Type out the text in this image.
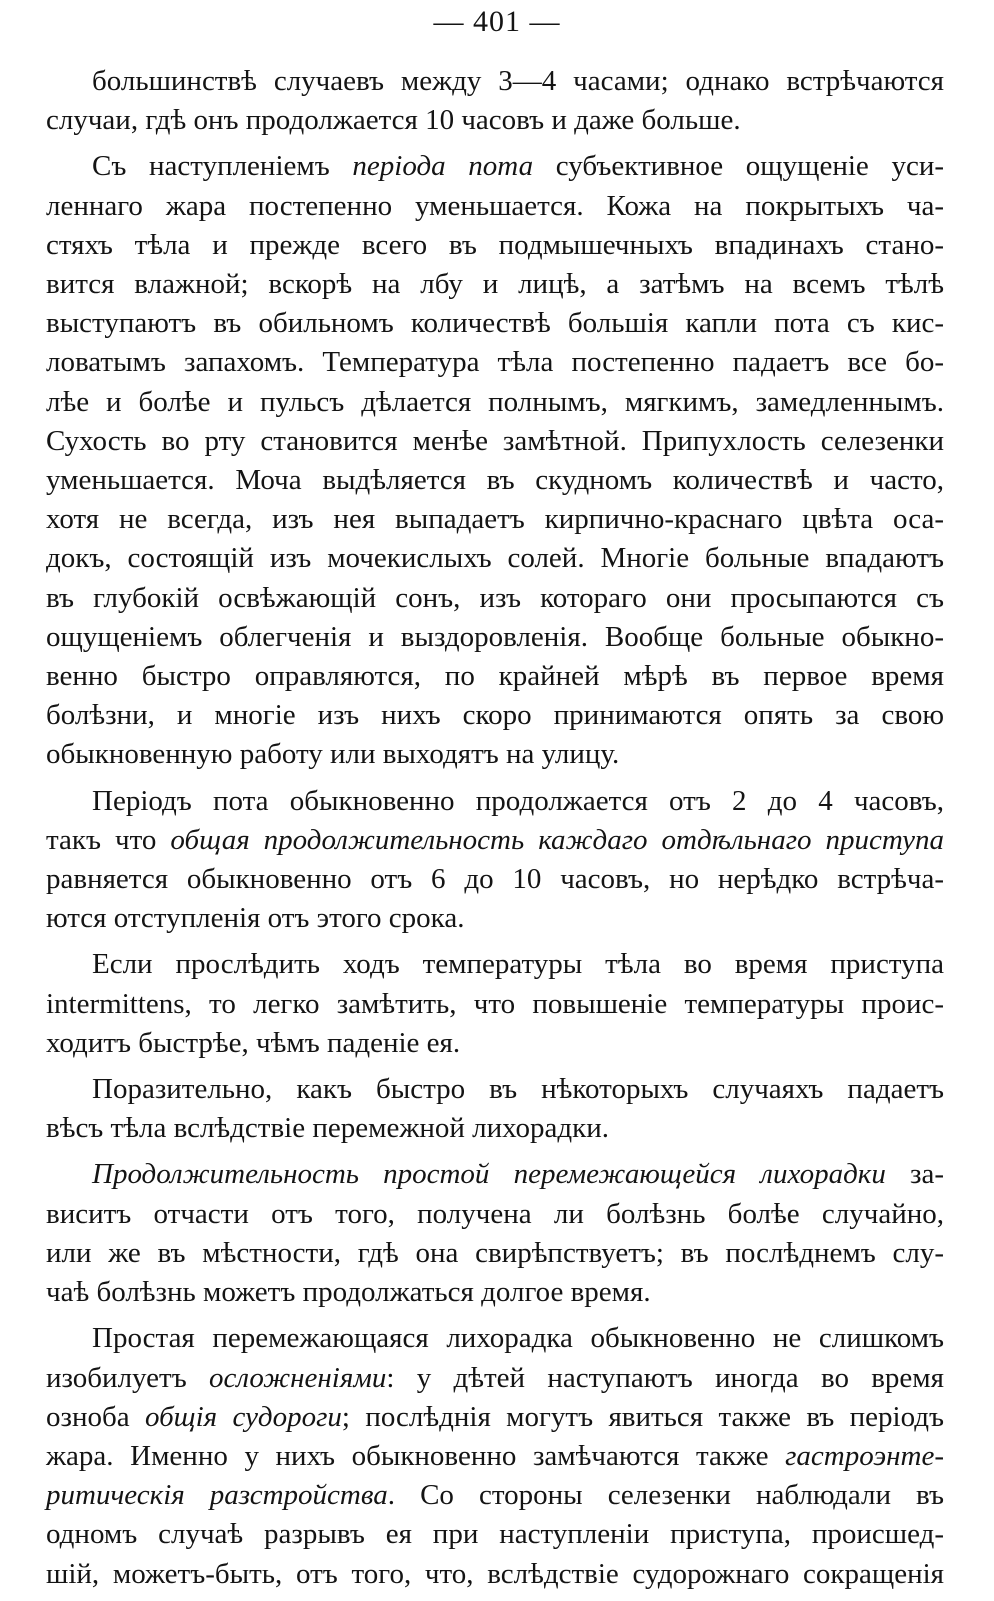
— 401 —
большинствѣ случаевъ между 3—4 часами; однако встрѣчаются
случаи, гдѣ онъ продолжается 10 часовъ и даже больше.
Съ наступленіемъ періода пота субъективное ощущеніе уси-
леннаго жара постепенно уменьшается. Кожа на покрытыхъ ча-
стяхъ тѣла и прежде всего въ подмышечныхъ впадинахъ стано-
вится влажной; вскорѣ на лбу и лицѣ, а затѣмъ на всемъ тѣлѣ
выступаютъ въ обильномъ количествѣ большія капли пота съ кис-
ловатымъ запахомъ. Температура тѣла постепенно падаетъ все бо-
лѣе и болѣе и пульсъ дѣлается полнымъ, мягкимъ, замедленнымъ.
Сухость во рту становится менѣе замѣтной. Припухлость селезенки
уменьшается. Моча выдѣляется въ скудномъ количествѣ и часто,
хотя не всегда, изъ нея выпадаетъ кирпично-краснаго цвѣта оса-
докъ, состоящій изъ мочекислыхъ солей. Многіе больные впадаютъ
въ глубокій освѣжающій сонъ, изъ котораго они просыпаются съ
ощущеніемъ облегченія и выздоровленія. Вообще больные обыкно-
венно быстро оправляются, по крайней мѣрѣ въ первое время
болѣзни, и многіе изъ нихъ скоро принимаются опять за свою
обыкновенную работу или выходятъ на улицу.
Періодъ пота обыкновенно продолжается отъ 2 до 4 часовъ,
такъ что общая продолжительность каждаго отдѣльнаго приступа
равняется обыкновенно отъ 6 до 10 часовъ, но нерѣдко встрѣча-
ются отступленія отъ этого срока.
Если прослѣдить ходъ температуры тѣла во время приступа
intermittens, то легко замѣтить, что повышеніе температуры проис-
ходитъ быстрѣе, чѣмъ паденіе ея.
Поразительно, какъ быстро въ нѣкоторыхъ случаяхъ падаетъ
вѣсъ тѣла вслѣдствіе перемежной лихорадки.
Продолжительность простой перемежающейся лихорадки за-
виситъ отчасти отъ того, получена ли болѣзнь болѣе случайно,
или же въ мѣстности, гдѣ она свирѣпствуетъ; въ послѣднемъ слу-
чаѣ болѣзнь можетъ продолжаться долгое время.
Простая перемежающаяся лихорадка обыкновенно не слишкомъ
изобилуетъ осложненіями: у дѣтей наступаютъ иногда во время
озноба общія судороги; послѣднія могутъ явиться также въ періодъ
жара. Именно у нихъ обыкновенно замѣчаются также гастроэнте-
ритическія разстройства. Со стороны селезенки наблюдали въ
одномъ случаѣ разрывъ ея при наступленіи приступа, происшед-
шій, можетъ-быть, отъ того, что, вслѣдствіе судорожнаго сокращенія
